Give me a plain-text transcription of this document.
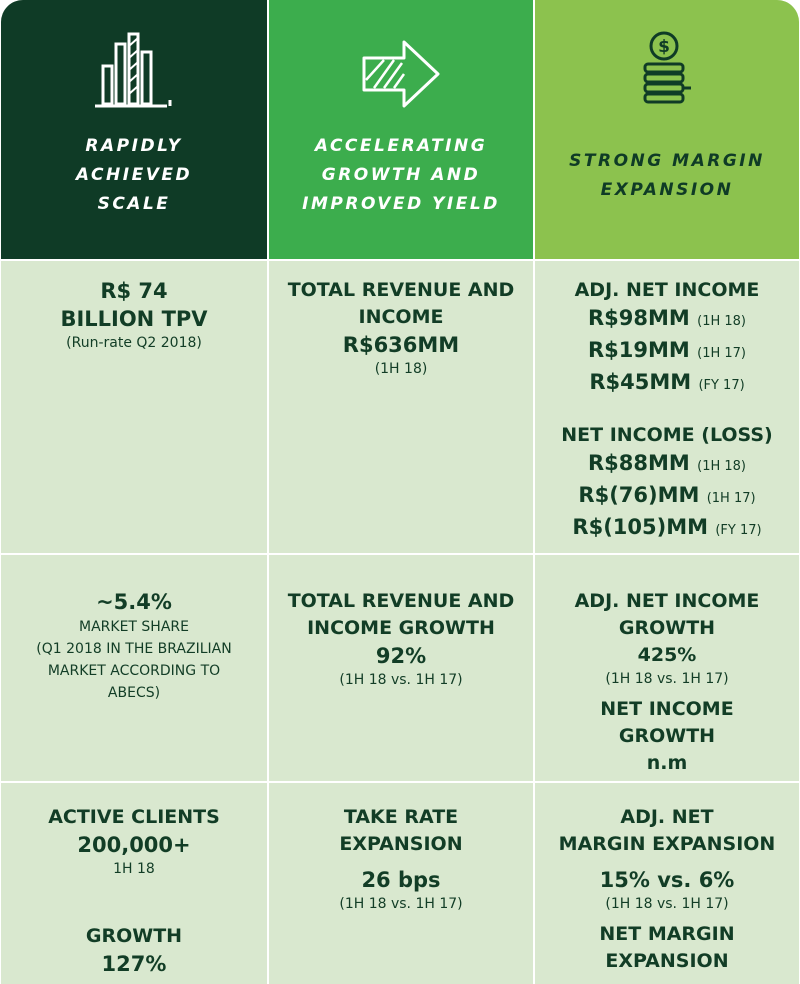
RAPIDLY
ACHIEVED
SCALE
ACCELERATING
GROWTH AND
IMPROVED YIELD
$
STRONG MARGIN
EXPANSION
R$ 74
BILLION TPV
(Run-rate Q2 2018)
TOTAL REVENUE AND
INCOME
R$636MM
(1H 18)
ADJ. NET INCOME
R$98MM (1H 18)
R$19MM (1H 17)
R$45MM (FY 17)
NET INCOME (LOSS)
R$88MM (1H 18)
R$(76)MM (1H 17)
R$(105)MM (FY 17)
~5.4%
MARKET SHARE
(Q1 2018 IN THE BRAZILIAN
MARKET ACCORDING TO
ABECS)
TOTAL REVENUE AND
INCOME GROWTH
92%
(1H 18 vs. 1H 17)
ADJ. NET INCOME
GROWTH
425%
(1H 18 vs. 1H 17)
NET INCOME
GROWTH
n.m
ACTIVE CLIENTS
200,000+
1H 18
GROWTH
127%
TAKE RATE
EXPANSION
26 bps
(1H 18 vs. 1H 17)
ADJ. NET
MARGIN EXPANSION
15% vs. 6%
(1H 18 vs. 1H 17)
NET MARGIN
EXPANSION
